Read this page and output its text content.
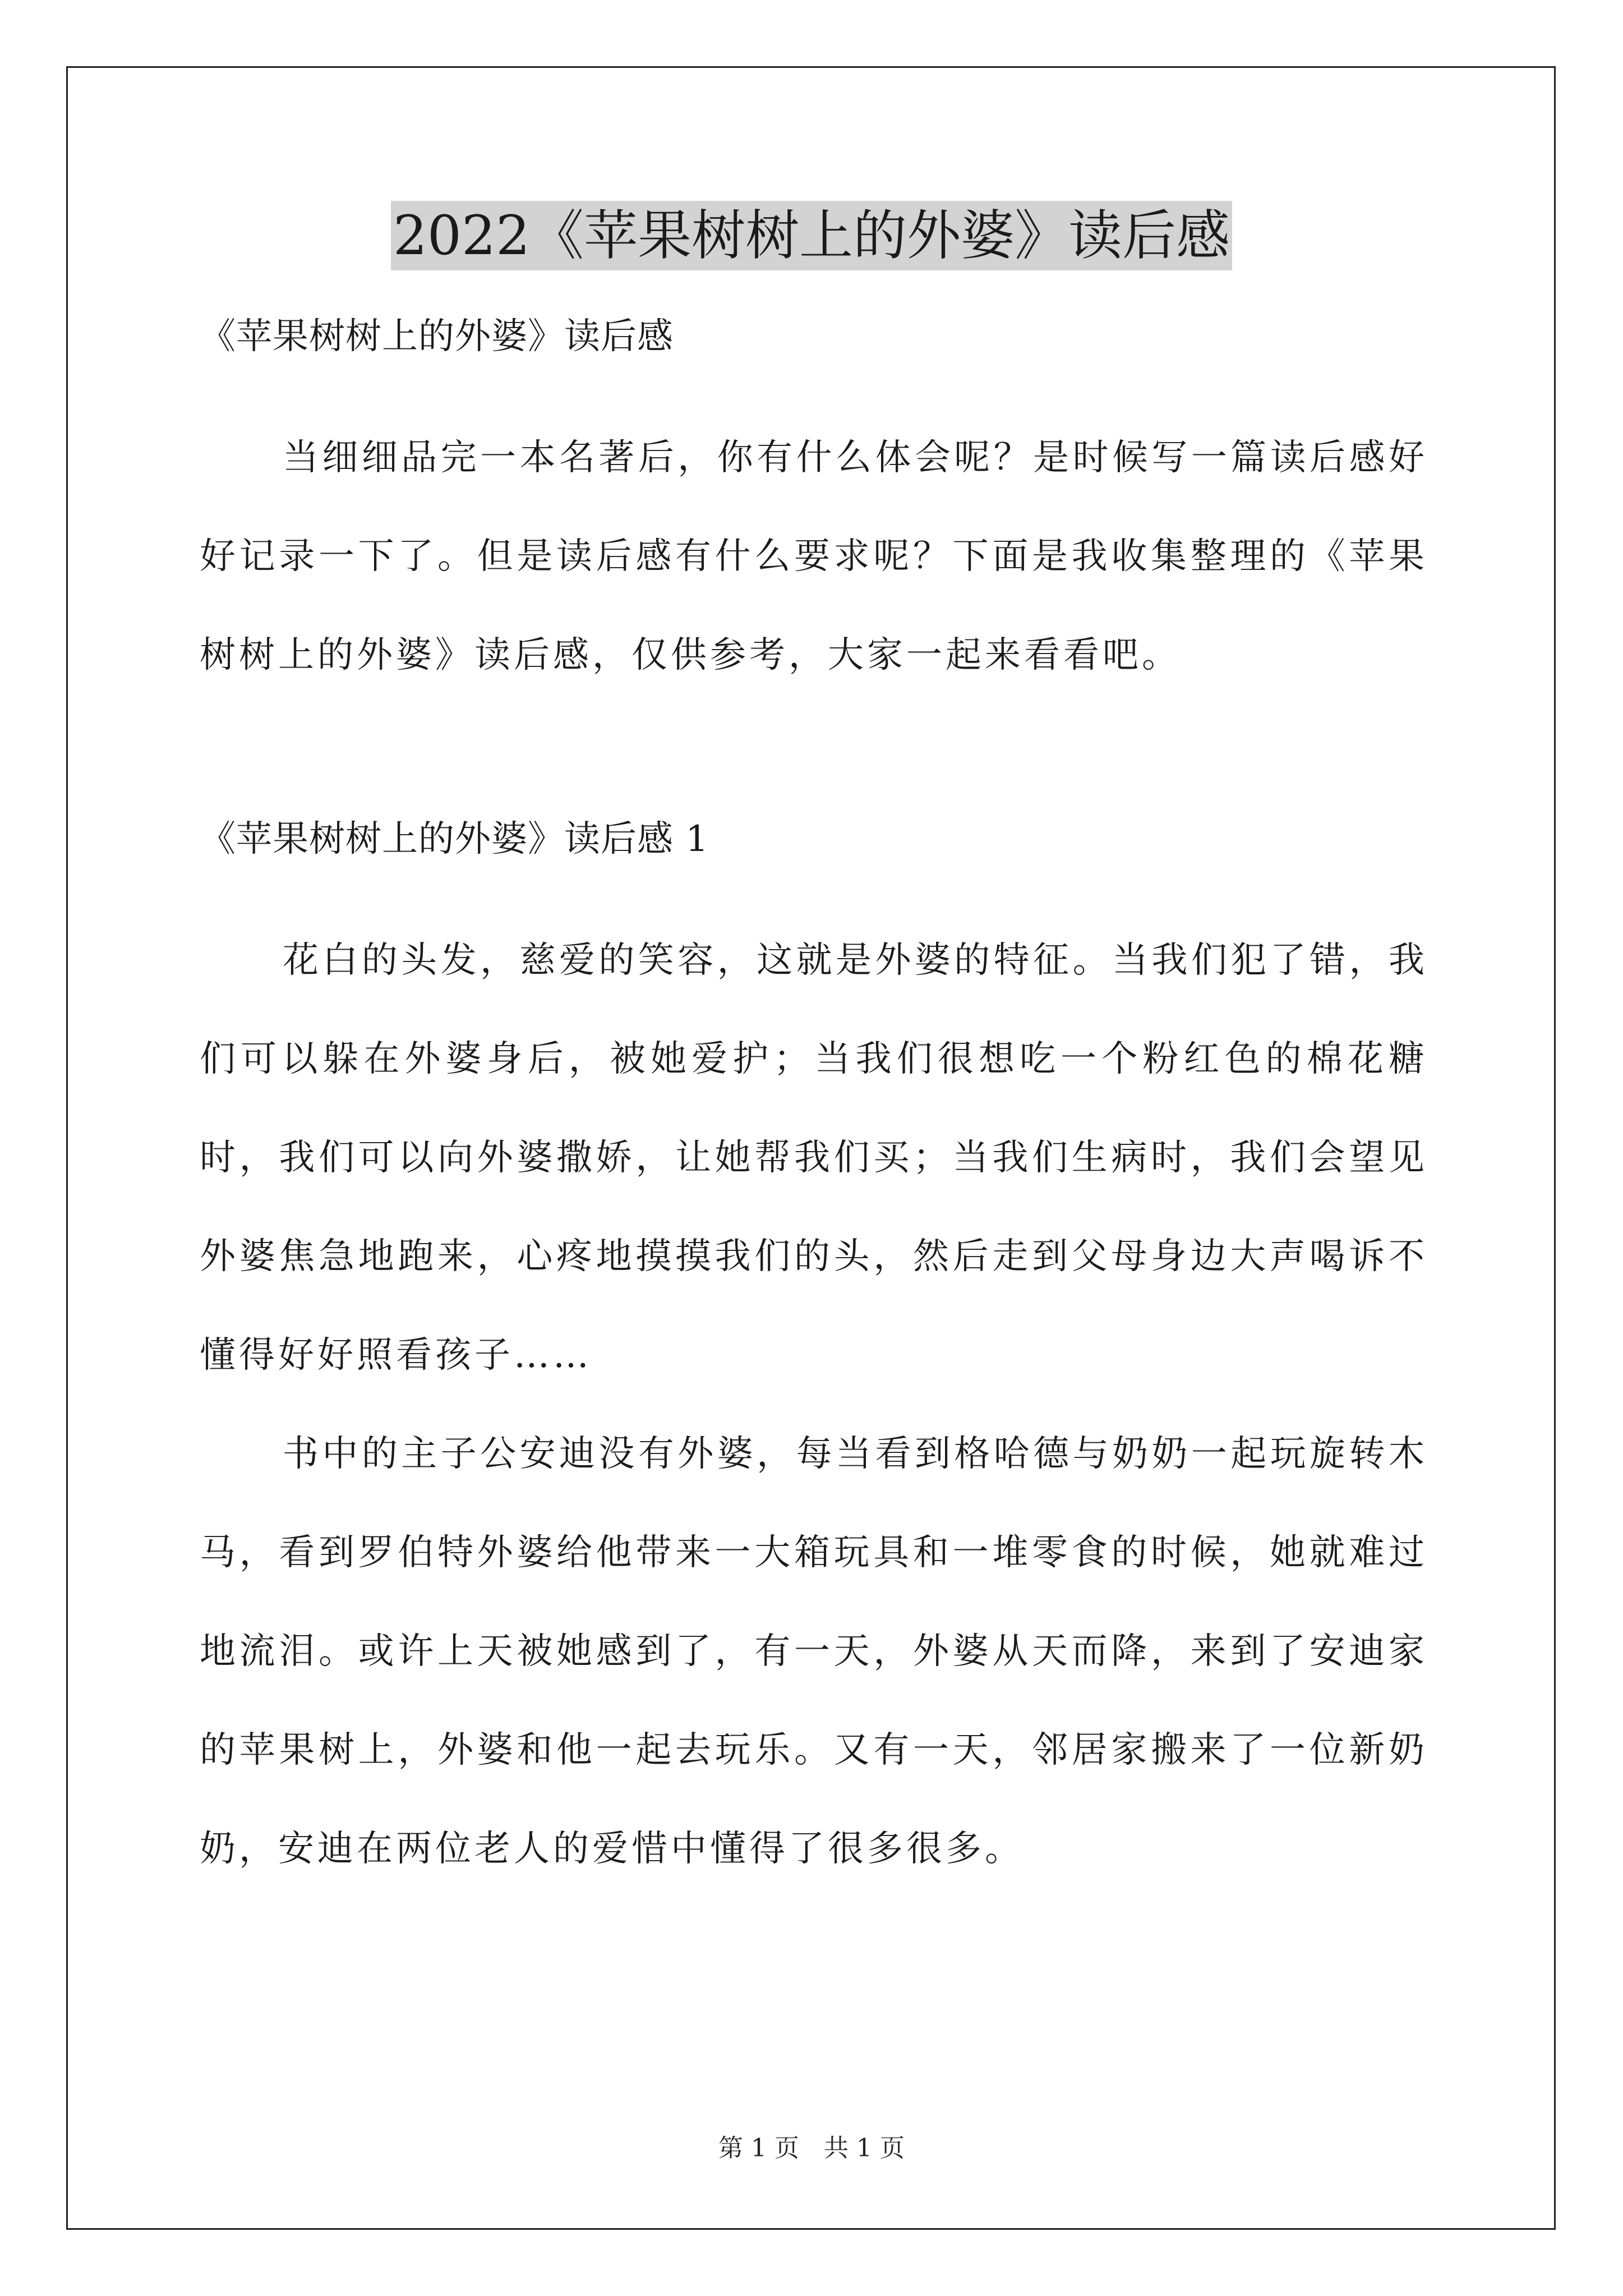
2022《苹果树树上的外婆》读后感

《苹果树树上的外婆》读后感

当细细品完一本名著后，你有什么体会呢？是时候写一篇读后感好好记录一下了。但是读后感有什么要求呢？下面是我收集整理的《苹果树树上的外婆》读后感，仅供参考，大家一起来看看吧。

《苹果树树上的外婆》读后感 1

花白的头发，慈爱的笑容，这就是外婆的特征。当我们犯了错，我们可以躲在外婆身后，被她爱护；当我们很想吃一个粉红色的棉花糖时，我们可以向外婆撒娇，让她帮我们买；当我们生病时，我们会望见外婆焦急地跑来，心疼地摸摸我们的头，然后走到父母身边大声喝诉不懂得好好照看孩子……

书中的主子公安迪没有外婆，每当看到格哈德与奶奶一起玩旋转木马，看到罗伯特外婆给他带来一大箱玩具和一堆零食的时候，她就难过地流泪。或许上天被她感到了，有一天，外婆从天而降，来到了安迪家的苹果树上，外婆和他一起去玩乐。又有一天，邻居家搬来了一位新奶奶，安迪在两位老人的爱惜中懂得了很多很多。

第 1 页　共 1 页
